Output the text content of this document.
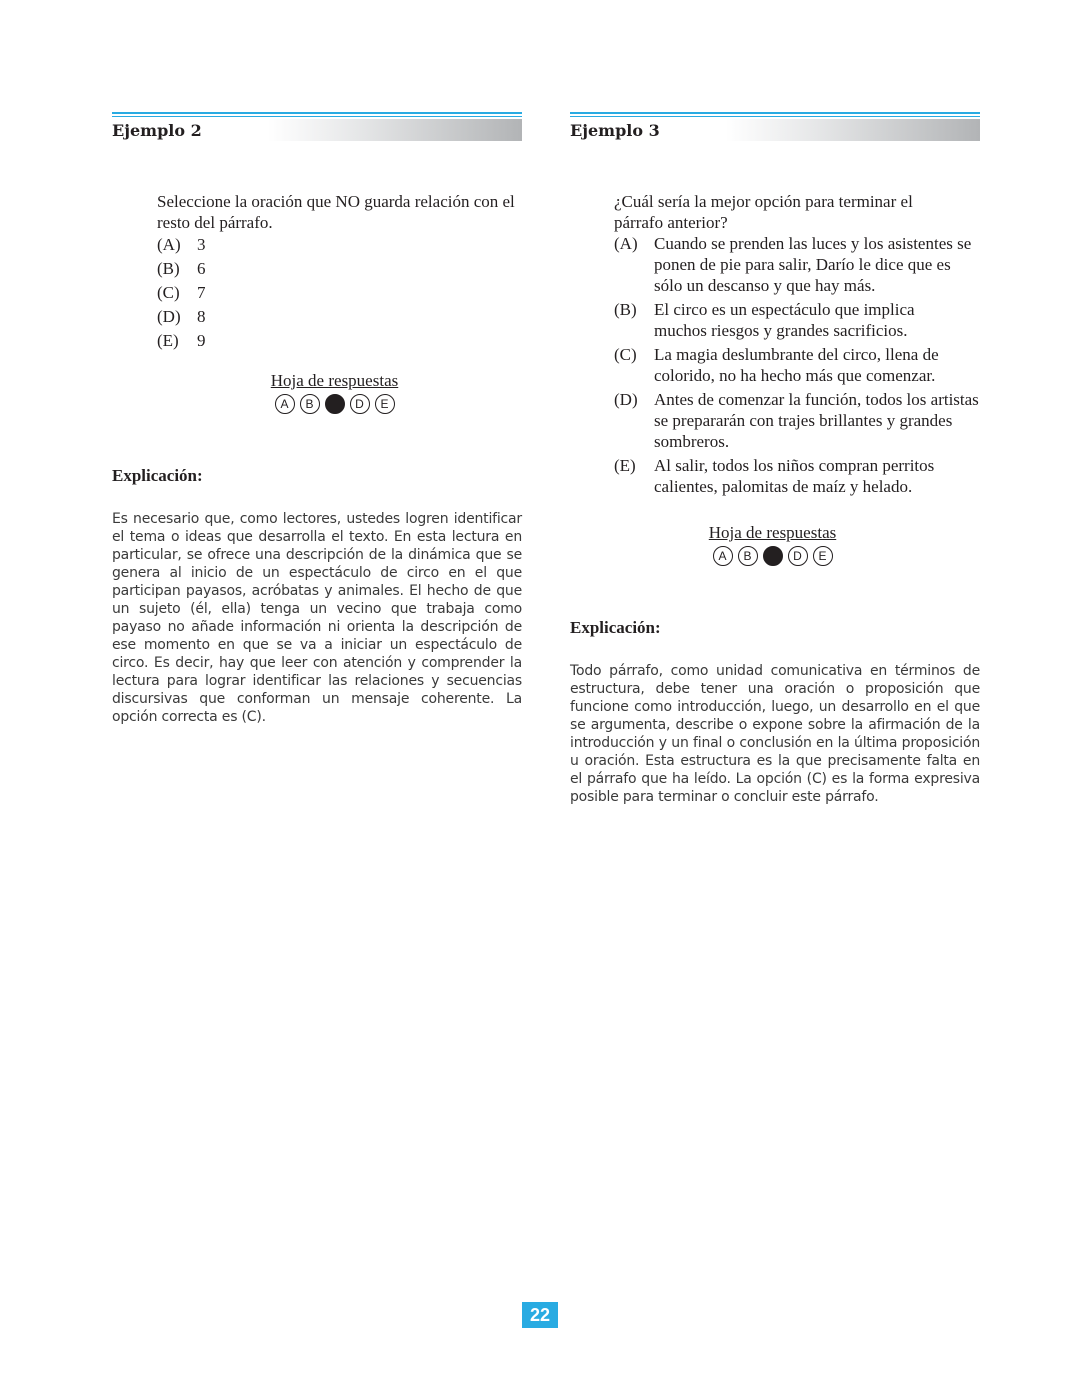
Ejemplo 2

Seleccione la oración que NO guarda relación con el resto del párrafo.

(A) 3
(B)	6
(C)	7
(D) 8
(E)	9
Hoja de respuestas
A	B	D	E
Explicación:

Es necesario que, como lectores, ustedes logren identificar el tema o ideas que desarrolla el texto. En esta lectura en particular, se ofrece una descripción de la dinámica que se genera al inicio de un espectáculo de circo en el que participan payasos, acróbatas y animales. El hecho de que un sujeto (él, ella) tenga un vecino que trabaja como payaso no añade información ni orienta la descripción de ese momento en que se va a iniciar un espectáculo de circo. Es decir, hay que leer con atención y comprender la lectura para lograr identificar las relaciones y secuencias discursivas que conforman un mensaje coherente. La opción correcta es (C).

Ejemplo 3

¿Cuál sería la mejor opción para terminar el párrafo anterior?

(A) Cuando se prenden las luces y los asistentes se ponen de pie para salir, Darío le dice que es sólo un descanso y que hay más.
(B)	El circo es un espectáculo que implica muchos riesgos y grandes sacrificios.
(C)	La magia deslumbrante del circo, llena de colorido, no ha hecho más que comenzar.
(D) Antes de comenzar la función, todos los artistas se prepararán con trajes brillantes y grandes sombreros.
(E)	Al salir, todos los niños compran perritos calientes, palomitas de maíz y helado.
Hoja de respuestas
A	B	D	E
Explicación:

Todo párrafo, como unidad comunicativa en términos de estructura, debe tener una oración o proposición que funcione como introducción, luego, un desarrollo en el que se argumenta, describe o expone sobre la afirmación de la introducción y un final o conclusión en la última proposición u oración. Esta estructura es la que precisamente falta en el párrafo que ha leído. La opción (C) es la forma expresiva posible para terminar o concluir este párrafo.

22
